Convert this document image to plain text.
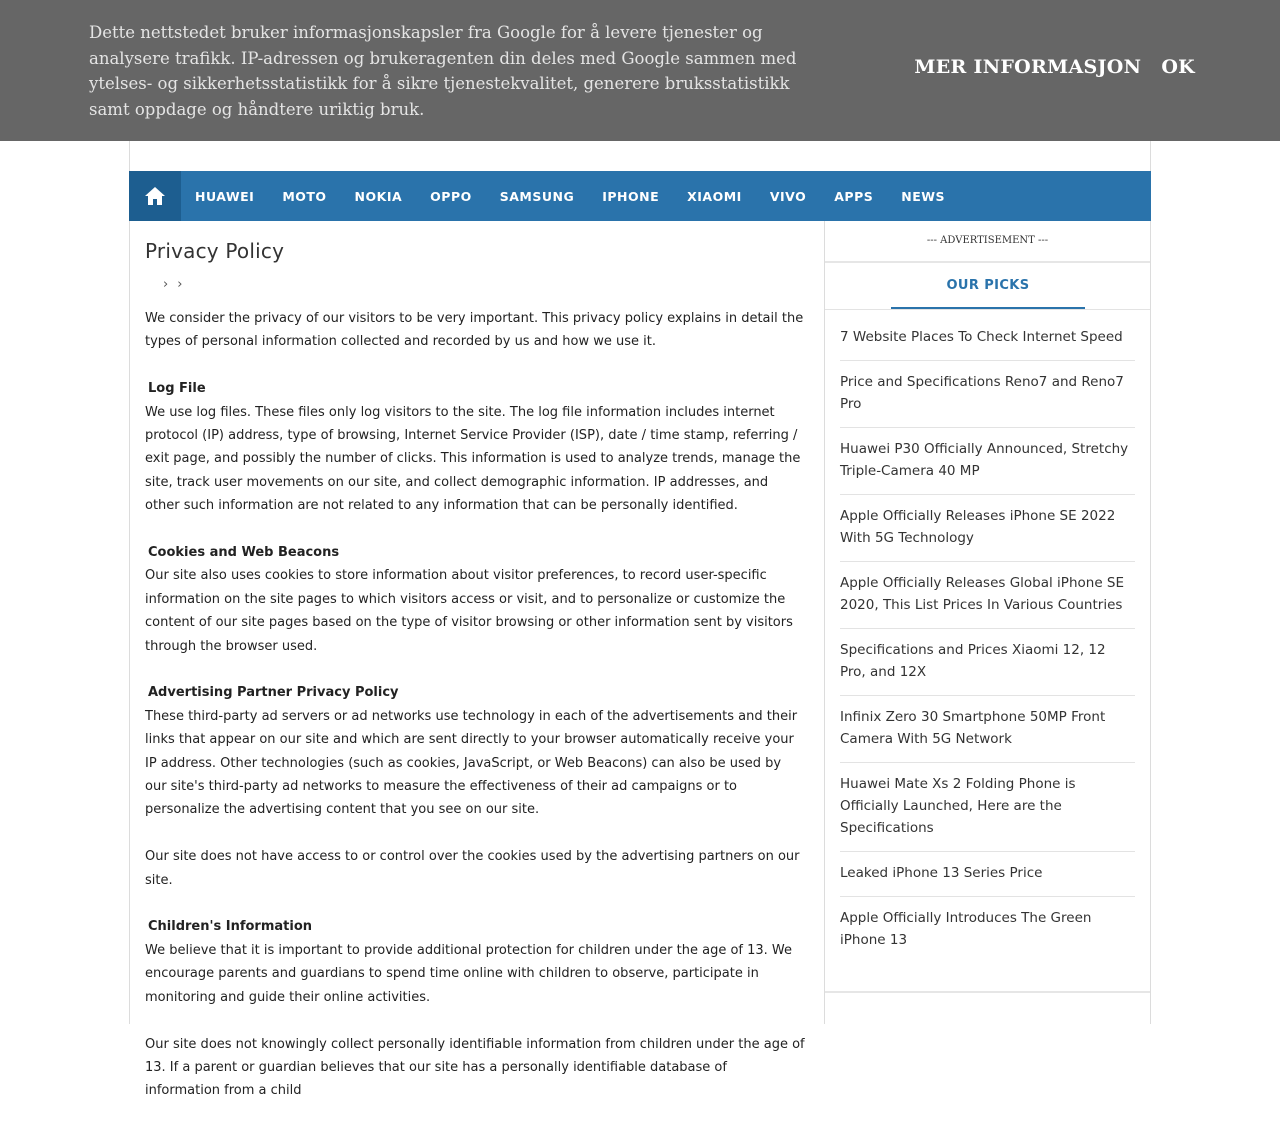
Dette nettstedet bruker informasjonskapsler fra Google for å levere tjenester og analysere trafikk. IP-adressen og brukeragenten din deles med Google sammen med ytelses- og sikkerhetsstatistikk for å sikre tjenestekvalitet, generere bruksstatistikk samt oppdage og håndtere uriktig bruk.
MER INFORMASJON OK
HUAWEI MOTO NOKIA OPPO SAMSUNG IPHONE XIAOMI VIVO APPS NEWS
Privacy Policy
› ›

We consider the privacy of our visitors to be very important. This privacy policy explains in detail the types of personal information collected and recorded by us and how we use it.

Log File

We use log files. These files only log visitors to the site. The log file information includes internet protocol (IP) address, type of browsing, Internet Service Provider (ISP), date / time stamp, referring / exit page, and possibly the number of clicks. This information is used to analyze trends, manage the site, track user movements on our site, and collect demographic information. IP addresses, and other such information are not related to any information that can be personally identified.

Cookies and Web Beacons

Our site also uses cookies to store information about visitor preferences, to record user-specific information on the site pages to which visitors access or visit, and to personalize or customize the content of our site pages based on the type of visitor browsing or other information sent by visitors through the browser used.

Advertising Partner Privacy Policy

These third-party ad servers or ad networks use technology in each of the advertisements and their links that appear on our site and which are sent directly to your browser automatically receive your IP address. Other technologies (such as cookies, JavaScript, or Web Beacons) can also be used by our site's third-party ad networks to measure the effectiveness of their ad campaigns or to personalize the advertising content that you see on our site.

Our site does not have access to or control over the cookies used by the advertising partners on our site.

Children's Information

We believe that it is important to provide additional protection for children under the age of 13. We encourage parents and guardians to spend time online with children to observe, participate in monitoring and guide their online activities.

Our site does not knowingly collect personally identifiable information from children under the age of 13. If a parent or guardian believes that our site has a personally identifiable database of information from a child

--- ADVERTISEMENT ---
OUR PICKS
7 Website Places To Check Internet Speed
Price and Specifications Reno7 and Reno7 Pro
Huawei P30 Officially Announced, Stretchy Triple-Camera 40 MP
Apple Officially Releases iPhone SE 2022 With 5G Technology
Apple Officially Releases Global iPhone SE 2020, This List Prices In Various Countries
Specifications and Prices Xiaomi 12, 12 Pro, and 12X
Infinix Zero 30 Smartphone 50MP Front Camera With 5G Network
Huawei Mate Xs 2 Folding Phone is Officially Launched, Here are the Specifications
Leaked iPhone 13 Series Price
Apple Officially Introduces The Green iPhone 13
